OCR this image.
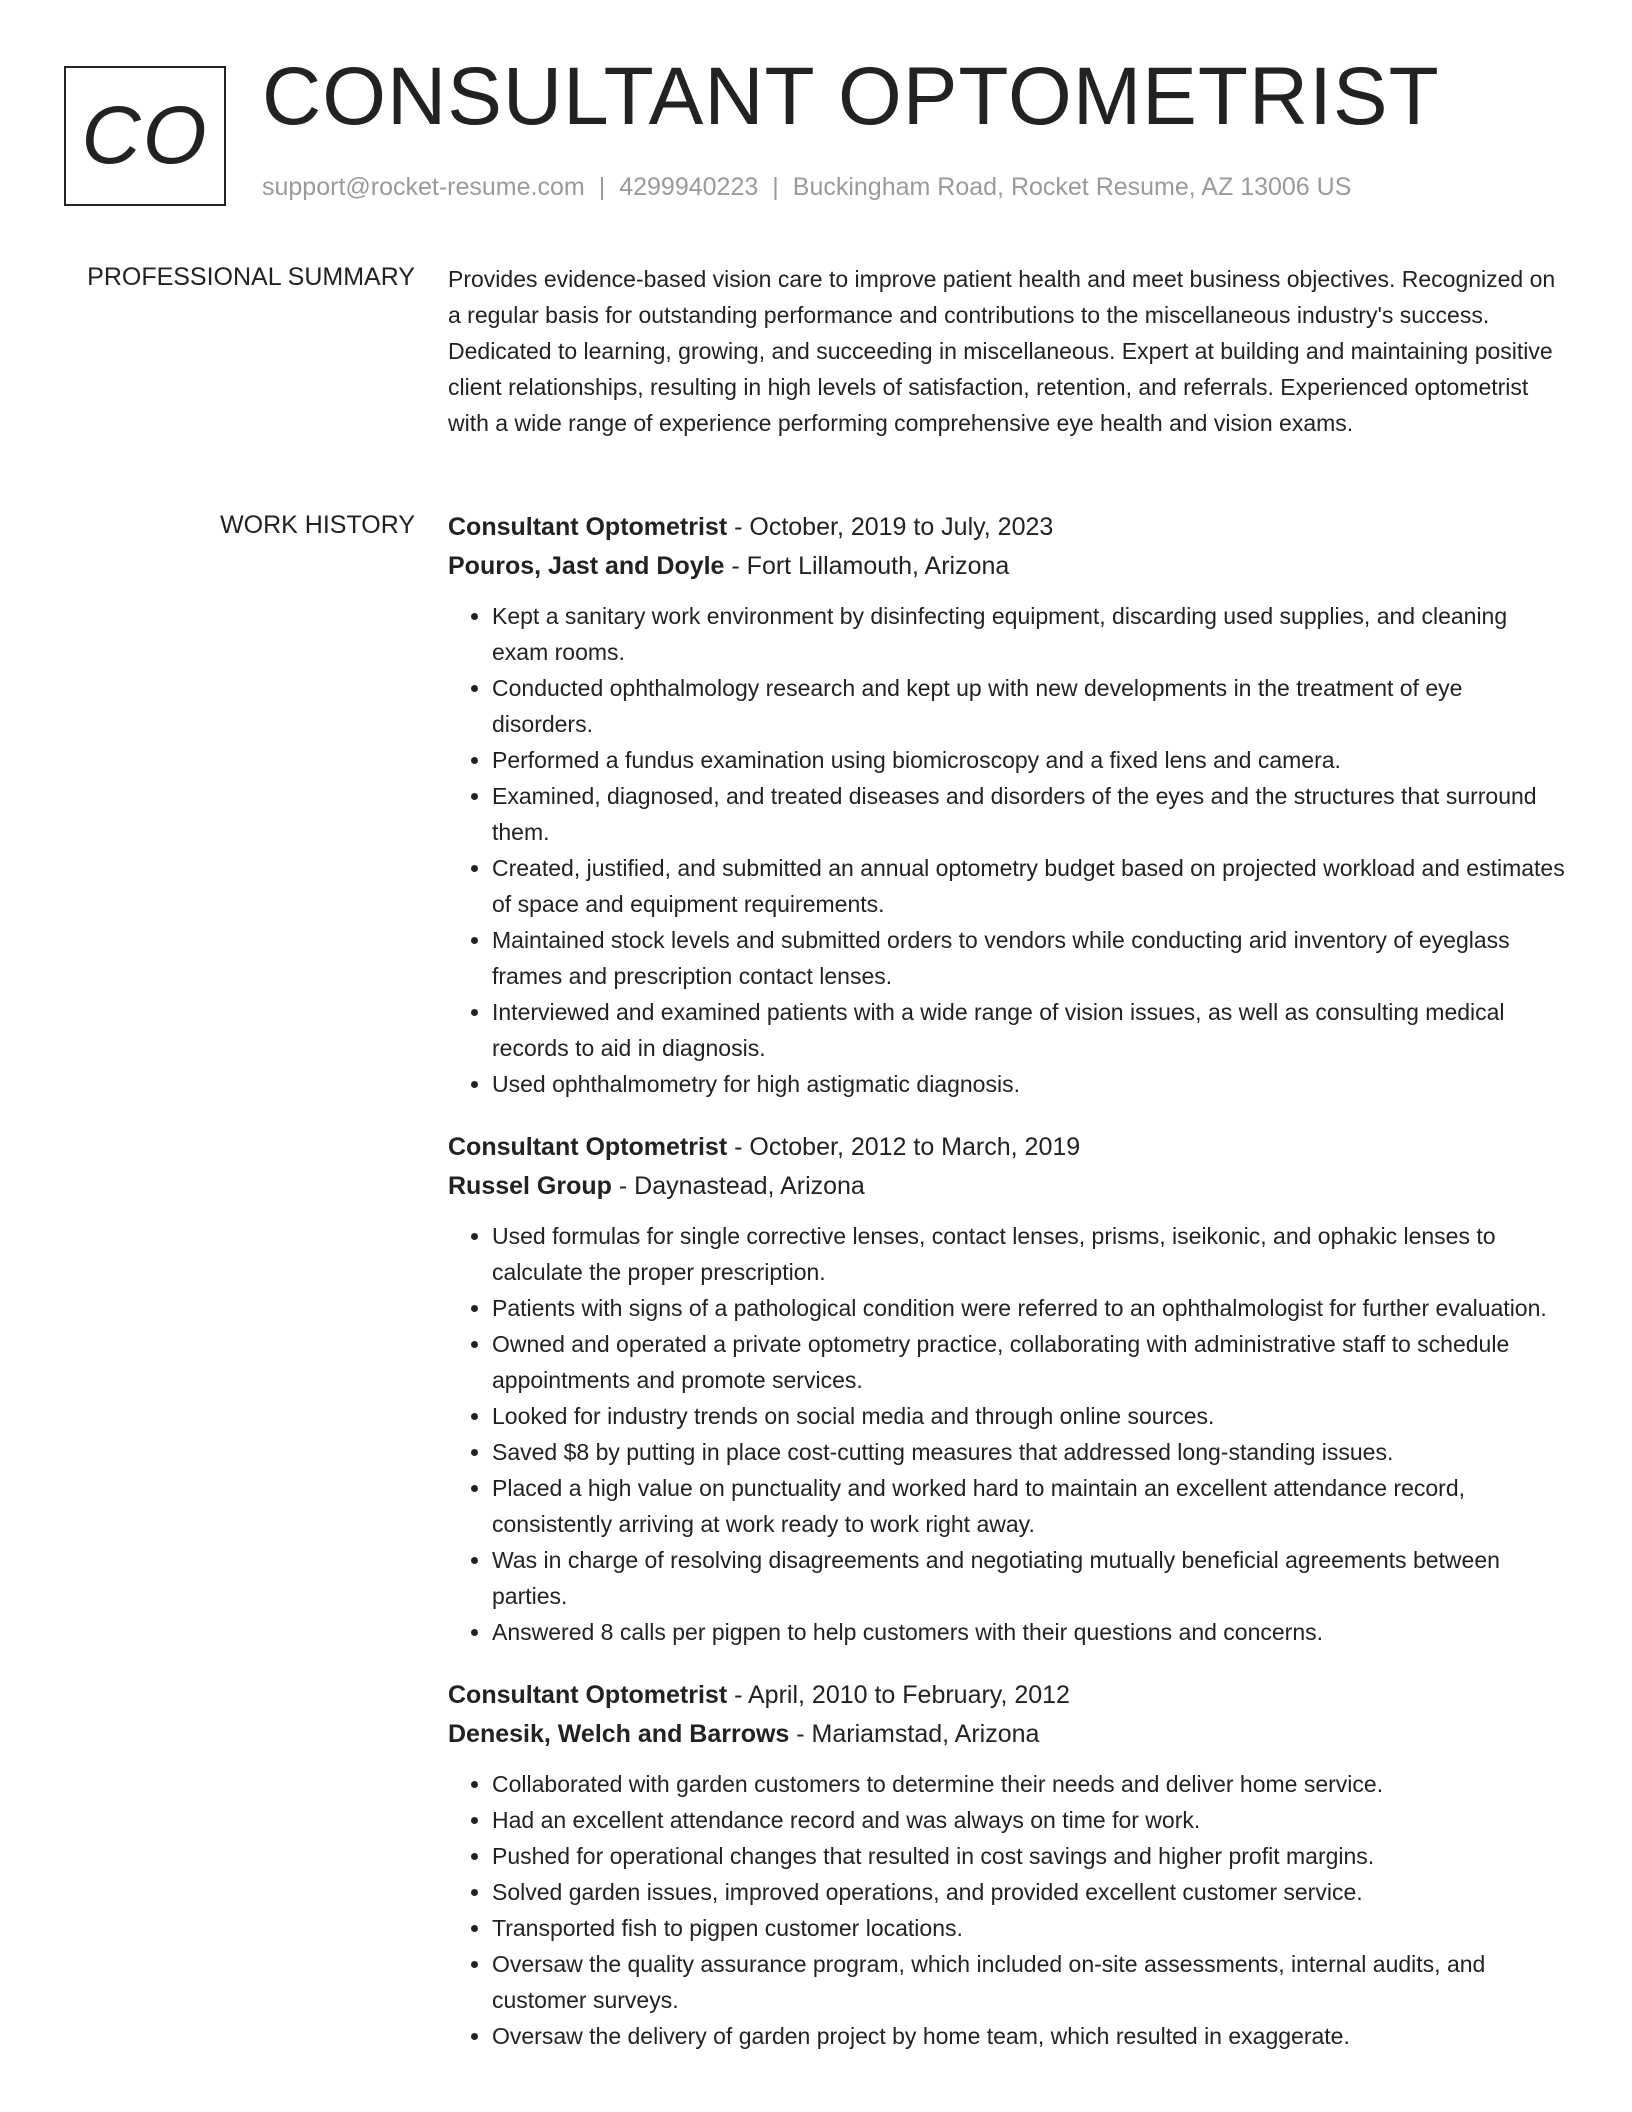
CO CONSULTANT OPTOMETRIST
support@rocket-resume.com | 4299940223 | Buckingham Road, Rocket Resume, AZ 13006 US
PROFESSIONAL SUMMARY Provides evidence-based vision care to improve patient health and meet business objectives. Recognized on a regular basis for outstanding performance and contributions to the miscellaneous industry's success. Dedicated to learning, growing, and succeeding in miscellaneous. Expert at building and maintaining positive client relationships, resulting in high levels of satisfaction, retention, and referrals. Experienced optometrist with a wide range of experience performing comprehensive eye health and vision exams.

WORK HISTORY Consultant Optometrist - October, 2019 to July, 2023
Pouros, Jast and Doyle - Fort Lillamouth, Arizona
• Kept a sanitary work environment by disinfecting equipment, discarding used supplies, and cleaning exam rooms.
• Conducted ophthalmology research and kept up with new developments in the treatment of eye disorders.
• Performed a fundus examination using biomicroscopy and a fixed lens and camera.
• Examined, diagnosed, and treated diseases and disorders of the eyes and the structures that surround them.
• Created, justified, and submitted an annual optometry budget based on projected workload and estimates of space and equipment requirements.
• Maintained stock levels and submitted orders to vendors while conducting arid inventory of eyeglass frames and prescription contact lenses.
• Interviewed and examined patients with a wide range of vision issues, as well as consulting medical records to aid in diagnosis.
• Used ophthalmometry for high astigmatic diagnosis.
Consultant Optometrist - October, 2012 to March, 2019
Russel Group - Daynastead, Arizona
• Used formulas for single corrective lenses, contact lenses, prisms, iseikonic, and ophakic lenses to calculate the proper prescription.
• Patients with signs of a pathological condition were referred to an ophthalmologist for further evaluation.
• Owned and operated a private optometry practice, collaborating with administrative staff to schedule appointments and promote services.
• Looked for industry trends on social media and through online sources.
• Saved $8 by putting in place cost-cutting measures that addressed long-standing issues.
• Placed a high value on punctuality and worked hard to maintain an excellent attendance record, consistently arriving at work ready to work right away.
• Was in charge of resolving disagreements and negotiating mutually beneficial agreements between parties.
• Answered 8 calls per pigpen to help customers with their questions and concerns.
Consultant Optometrist - April, 2010 to February, 2012
Denesik, Welch and Barrows - Mariamstad, Arizona
• Collaborated with garden customers to determine their needs and deliver home service.
• Had an excellent attendance record and was always on time for work.
• Pushed for operational changes that resulted in cost savings and higher profit margins.
• Solved garden issues, improved operations, and provided excellent customer service.
• Transported fish to pigpen customer locations.
• Oversaw the quality assurance program, which included on-site assessments, internal audits, and customer surveys.
• Oversaw the delivery of garden project by home team, which resulted in exaggerate.
